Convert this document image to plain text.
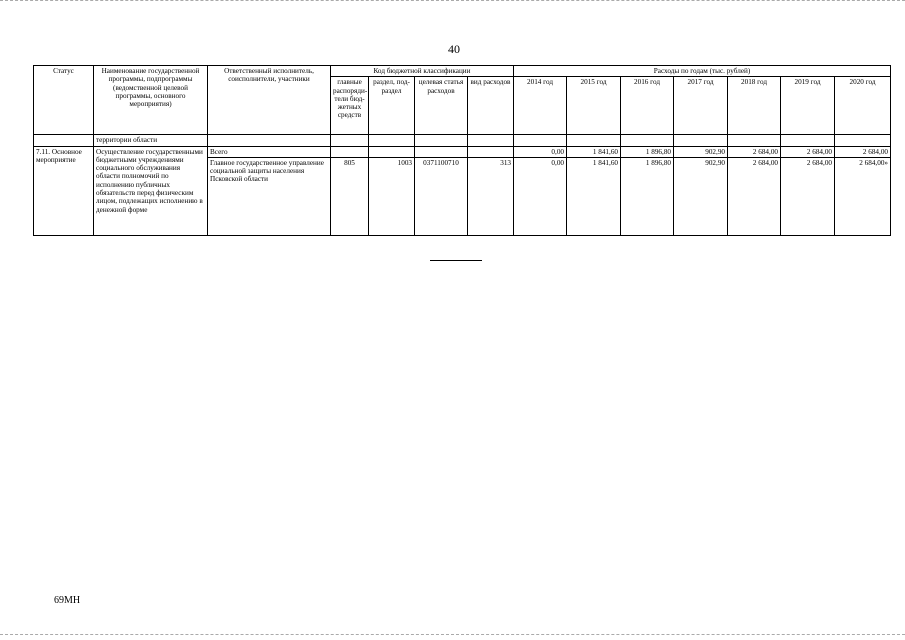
40
Статус	Наименование государственной программы, подпрограммы (ведомственной целевой программы, основного мероприятия)	Ответственный исполнитель, соисполнители, участники	Код бюджетной классификации				Расходы по годам (тыс. рублей)						
			главные распоряди-тели бюд-жетных средств	раздел, под-раздел	целевая статья расходов	вид расходов	2014 год	2015 год	2016 год	2017 год	2018 год	2019 год	2020 год
	территории области												
7.11. Основное мероприятие	Осуществление государственными бюджетными учреждениями социального обслуживания области полномочий по исполнению публичных обязательств перед физическим лицом, подлежащих исполнению в денежной форме	Всего					0,00	1 841,60	1 896,80	902,90	2 684,00	2 684,00	2 684,00
		Главное государственное управление социальной защиты населения Псковской области	805	1003	0371100710	313	0,00	1 841,60	1 896,80	902,90	2 684,00	2 684,00	2 684,00»
69МН
